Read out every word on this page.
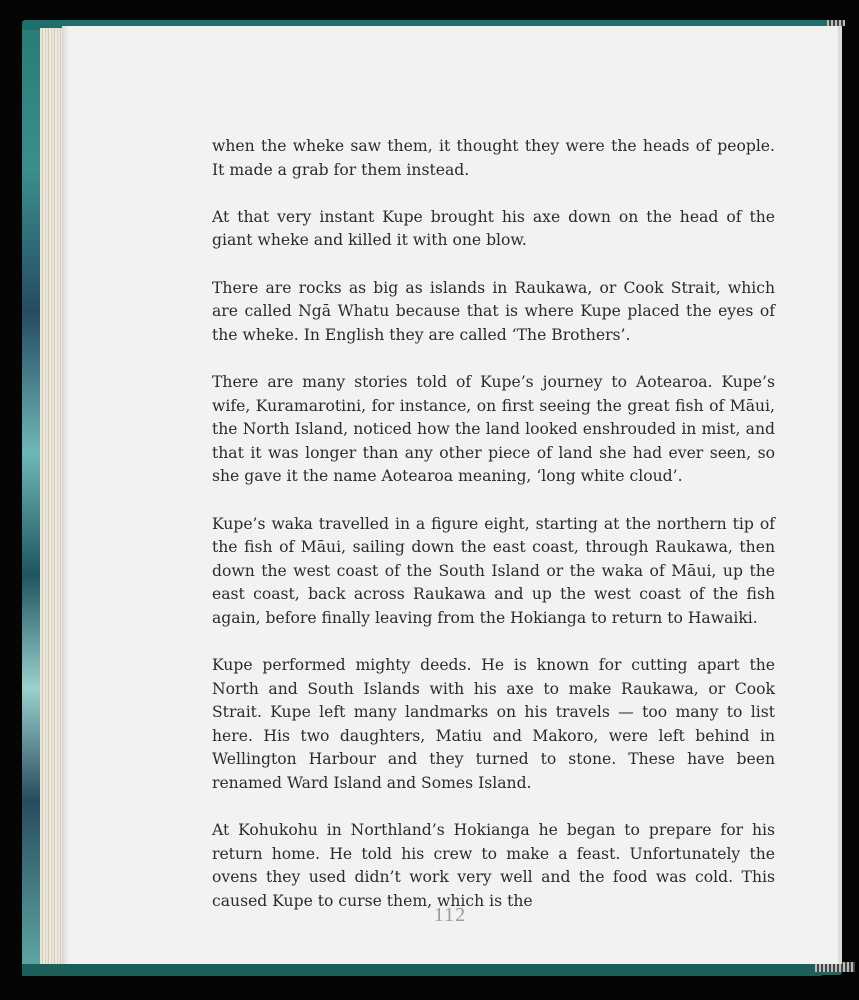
when the wheke saw them, it thought they were the heads of people. It made a grab for them instead.

At that very instant Kupe brought his axe down on the head of the giant wheke and killed it with one blow.

There are rocks as big as islands in Raukawa, or Cook Strait, which are called Ngā Whatu because that is where Kupe placed the eyes of the wheke. In English they are called ‘The Brothers’.

There are many stories told of Kupe’s journey to Aotearoa. Kupe’s wife, Kuramarotini, for instance, on first seeing the great fish of Māui, the North Island, noticed how the land looked enshrouded in mist, and that it was longer than any other piece of land she had ever seen, so she gave it the name Aotearoa meaning, ‘long white cloud’.

Kupe’s waka travelled in a figure eight, starting at the northern tip of the fish of Māui, sailing down the east coast, through Raukawa, then down the west coast of the South Island or the waka of Māui, up the east coast, back across Raukawa and up the west coast of the fish again, before finally leaving from the Hokianga to return to Hawaiki.

Kupe performed mighty deeds. He is known for cutting apart the North and South Islands with his axe to make Raukawa, or Cook Strait. Kupe left many landmarks on his travels — too many to list here. His two daughters, Matiu and Makoro, were left behind in Wellington Harbour and they turned to stone. These have been renamed Ward Island and Somes Island.

At Kohukohu in Northland’s Hokianga he began to prepare for his return home. He told his crew to make a feast. Unfortunately the ovens they used didn’t work very well and the food was cold. This caused Kupe to curse them, which is the

112
